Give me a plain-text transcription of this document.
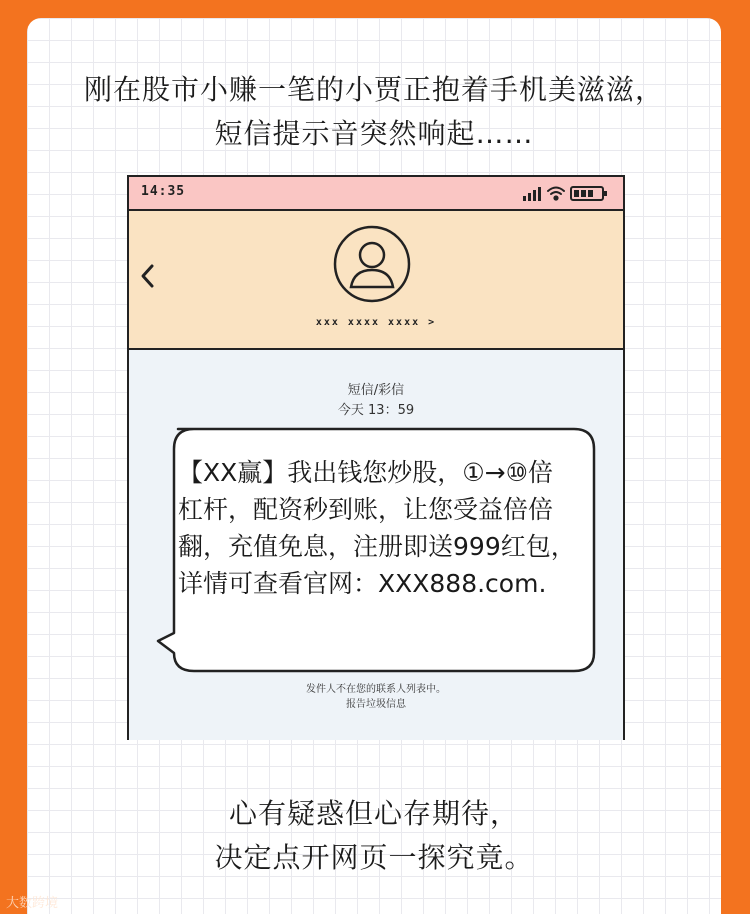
刚在股市小赚一笔的小贾正抱着手机美滋滋，
短信提示音突然响起……
14:35
xxx xxxx xxxx >
短信/彩信
今天 13：59
【XX赢】我出钱您炒股，①→⑩倍杠杆，配资秒到账，让您受益倍倍翻，充值免息，注册即送999红包，详情可查看官网：XXX888.com.
发件人不在您的联系人列表中。
报告垃圾信息
心有疑惑但心存期待，
决定点开网页一探究竟。
大数跨境
